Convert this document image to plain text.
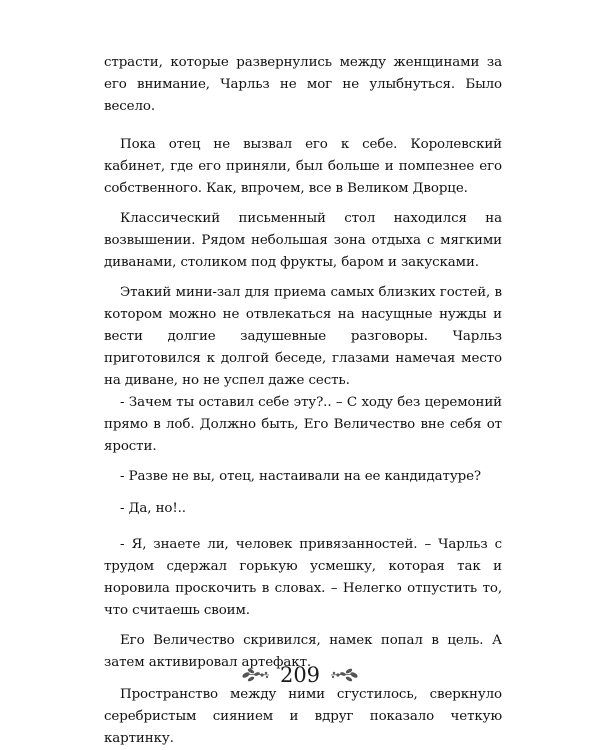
страсти, которые развернулись между женщинами за его внимание, Чарльз не мог не улыбнуться. Было весело.

Пока отец не вызвал его к себе. Королевский кабинет, где его приняли, был больше и помпезнее его собственного. Как, впрочем, все в Великом Дворце.

Классический письменный стол находился на возвышении. Рядом небольшая зона отдыха с мягкими диванами, столиком под фрукты, баром и закусками.

Этакий мини-зал для приема самых близких гостей, в котором можно не отвлекаться на насущные нужды и вести долгие задушевные разговоры. Чарльз приготовился к долгой беседе, глазами намечая место на диване, но не успел даже сесть.

- Зачем ты оставил себе эту?.. – С ходу без церемоний прямо в лоб. Должно быть, Его Величество вне себя от ярости.

- Разве не вы, отец, настаивали на ее кандидатуре?

- Да, но!..

- Я, знаете ли, человек привязанностей. – Чарльз с трудом сдержал горькую усмешку, которая так и норовила проскочить в словах. – Нелегко отпустить то, что считаешь своим.

Его Величество скривился, намек попал в цель. А затем активировал артефакт.

Пространство между ними сгустилось, сверкнуло серебристым сиянием и вдруг показало четкую картинку.

209
